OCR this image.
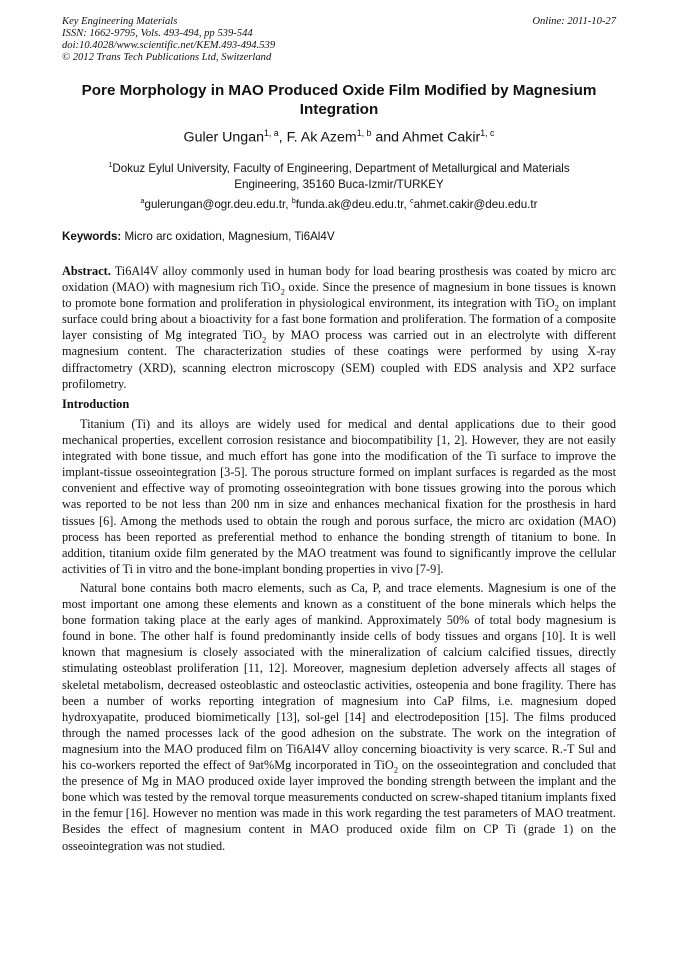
Key Engineering Materials
ISSN: 1662-9795, Vols. 493-494, pp 539-544
doi:10.4028/www.scientific.net/KEM.493-494.539
© 2012 Trans Tech Publications Ltd, Switzerland
Online: 2011-10-27
Pore Morphology in MAO Produced Oxide Film Modified by Magnesium Integration
Guler Ungan$^{1, a}$, F. Ak Azem$^{1, b}$ and Ahmet Cakir$^{1, c}$
$^1$Dokuz Eylul University, Faculty of Engineering, Department of Metallurgical and Materials
Engineering, 35160 Buca-Izmir/TURKEY
$^a$gulerungan@ogr.deu.edu.tr, $^b$funda.ak@deu.edu.tr, $^c$ahmet.cakir@deu.edu.tr
Keywords: Micro arc oxidation, Magnesium, Ti6Al4V
Abstract. Ti6Al4V alloy commonly used in human body for load bearing prosthesis was coated by micro arc oxidation (MAO) with magnesium rich TiO$_2$ oxide. Since the presence of magnesium in bone tissues is known to promote bone formation and proliferation in physiological environment, its integration with TiO$_2$ on implant surface could bring about a bioactivity for a fast bone formation and proliferation. The formation of a composite layer consisting of Mg integrated TiO$_2$ by MAO process was carried out in an electrolyte with different magnesium content. The characterization studies of these coatings were performed by using X-ray diffractometry (XRD), scanning electron microscopy (SEM) coupled with EDS analysis and XP2 surface profilometry.
Introduction
Titanium (Ti) and its alloys are widely used for medical and dental applications due to their good mechanical properties, excellent corrosion resistance and biocompatibility [1, 2]. However, they are not easily integrated with bone tissue, and much effort has gone into the modification of the Ti surface to improve the implant-tissue osseointegration [3-5]. The porous structure formed on implant surfaces is regarded as the most convenient and effective way of promoting osseointegration with bone tissues growing into the porous which was reported to be not less than 200 nm in size and enhances mechanical fixation for the prosthesis in hard tissues [6]. Among the methods used to obtain the rough and porous surface, the micro arc oxidation (MAO) process has been reported as preferential method to enhance the bonding strength of titanium to bone. In addition, titanium oxide film generated by the MAO treatment was found to significantly improve the cellular activities of Ti in vitro and the bone-implant bonding properties in vivo [7-9].
Natural bone contains both macro elements, such as Ca, P, and trace elements. Magnesium is one of the most important one among these elements and known as a constituent of the bone minerals which helps the bone formation taking place at the early ages of mankind. Approximately 50% of total body magnesium is found in bone. The other half is found predominantly inside cells of body tissues and organs [10]. It is well known that magnesium is closely associated with the mineralization of calcium calcified tissues, directly stimulating osteoblast proliferation [11, 12]. Moreover, magnesium depletion adversely affects all stages of skeletal metabolism, decreased osteoblastic and osteoclastic activities, osteopenia and bone fragility. There has been a number of works reporting integration of magnesium into CaP films, i.e. magnesium doped hydroxyapatite, produced biomimetically [13], sol-gel [14] and electrodeposition [15]. The films produced through the named processes lack of the good adhesion on the substrate. The work on the integration of magnesium into the MAO produced film on Ti6Al4V alloy concerning bioactivity is very scarce. R.-T Sul and his co-workers reported the effect of 9at%Mg incorporated in TiO$_2$ on the osseointegration and concluded that the presence of Mg in MAO produced oxide layer improved the bonding strength between the implant and the bone which was tested by the removal torque measurements conducted on screw-shaped titanium implants fixed in the femur [16]. However no mention was made in this work regarding the test parameters of MAO treatment. Besides the effect of magnesium content in MAO produced oxide film on CP Ti (grade 1) on the osseointegration was not studied.
